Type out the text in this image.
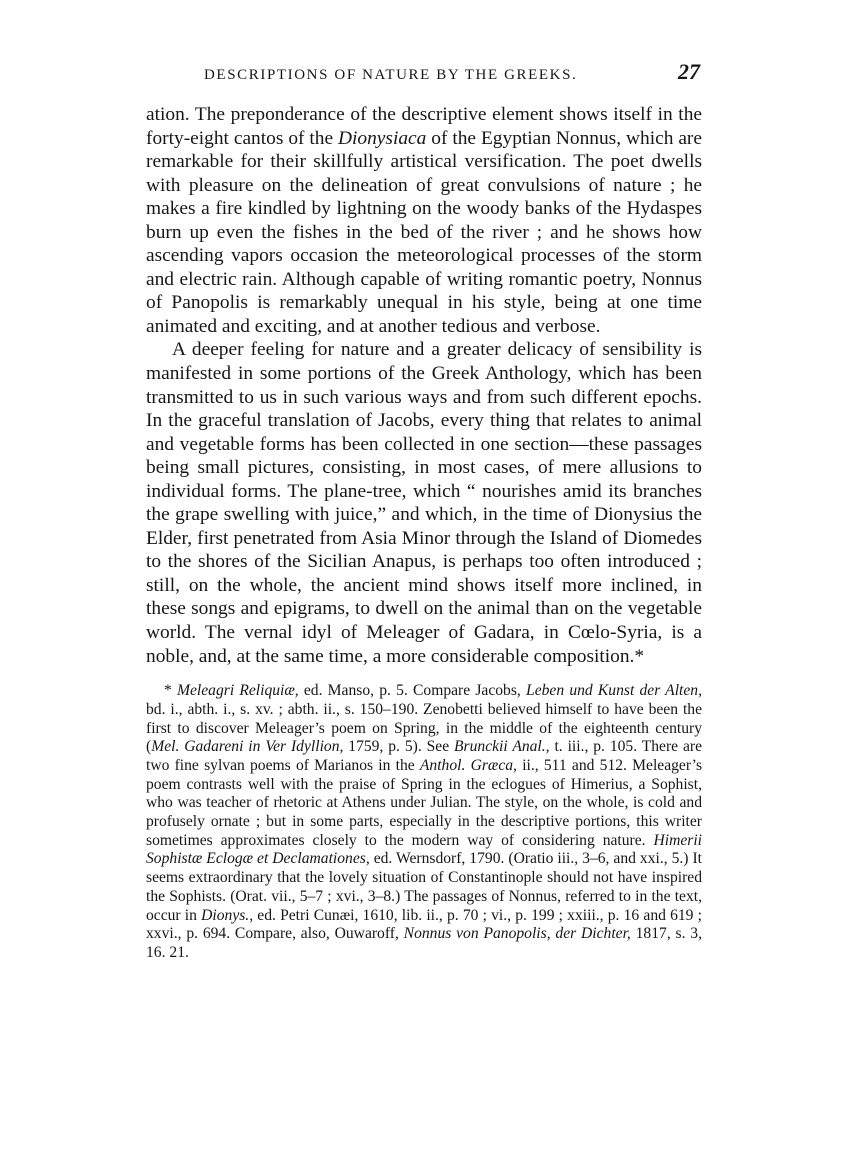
DESCRIPTIONS OF NATURE BY THE GREEKS.	27

ation. The preponderance of the descriptive element shows itself in the forty-eight cantos of the Dionysiaca of the Egyptian Nonnus, which are remarkable for their skillfully artistical versification. The poet dwells with pleasure on the delineation of great convulsions of nature ; he makes a fire kindled by lightning on the woody banks of the Hydaspes burn up even the fishes in the bed of the river ; and he shows how ascending vapors occasion the meteorological processes of the storm and electric rain. Although capable of writing romantic poetry, Nonnus of Panopolis is remarkably unequal in his style, being at one time animated and exciting, and at another tedious and verbose.

A deeper feeling for nature and a greater delicacy of sensibility is manifested in some portions of the Greek Anthology, which has been transmitted to us in such various ways and from such different epochs. In the graceful translation of Jacobs, every thing that relates to animal and vegetable forms has been collected in one section—these passages being small pictures, consisting, in most cases, of mere allusions to individual forms. The plane-tree, which “ nourishes amid its branches the grape swelling with juice,” and which, in the time of Dionysius the Elder, first penetrated from Asia Minor through the Island of Diomedes to the shores of the Sicilian Anapus, is perhaps too often introduced ; still, on the whole, the ancient mind shows itself more inclined, in these songs and epigrams, to dwell on the animal than on the vegetable world. The vernal idyl of Meleager of Gadara, in Cœlo-Syria, is a noble, and, at the same time, a more considerable composition.*

* Meleagri Reliquiæ, ed. Manso, p. 5. Compare Jacobs, Leben und Kunst der Alten, bd. i., abth. i., s. xv. ; abth. ii., s. 150–190. Zenobetti believed himself to have been the first to discover Meleager’s poem on Spring, in the middle of the eighteenth century (Mel. Gadareni in Ver Idyllion, 1759, p. 5). See Brunckii Anal., t. iii., p. 105. There are two fine sylvan poems of Marianos in the Anthol. Græca, ii., 511 and 512. Meleager’s poem contrasts well with the praise of Spring in the eclogues of Himerius, a Sophist, who was teacher of rhetoric at Athens under Julian. The style, on the whole, is cold and profusely ornate ; but in some parts, especially in the descriptive portions, this writer sometimes approximates closely to the modern way of considering nature. Himerii Sophistæ Eclogæ et Declamationes, ed. Wernsdorf, 1790. (Oratio iii., 3–6, and xxi., 5.) It seems extraordinary that the lovely situation of Constantinople should not have inspired the Sophists. (Orat. vii., 5–7 ; xvi., 3–8.) The passages of Nonnus, referred to in the text, occur in Dionys., ed. Petri Cunæi, 1610, lib. ii., p. 70 ; vi., p. 199 ; xxiii., p. 16 and 619 ; xxvi., p. 694. Compare, also, Ouwaroff, Nonnus von Panopolis, der Dichter, 1817, s. 3, 16. 21.
